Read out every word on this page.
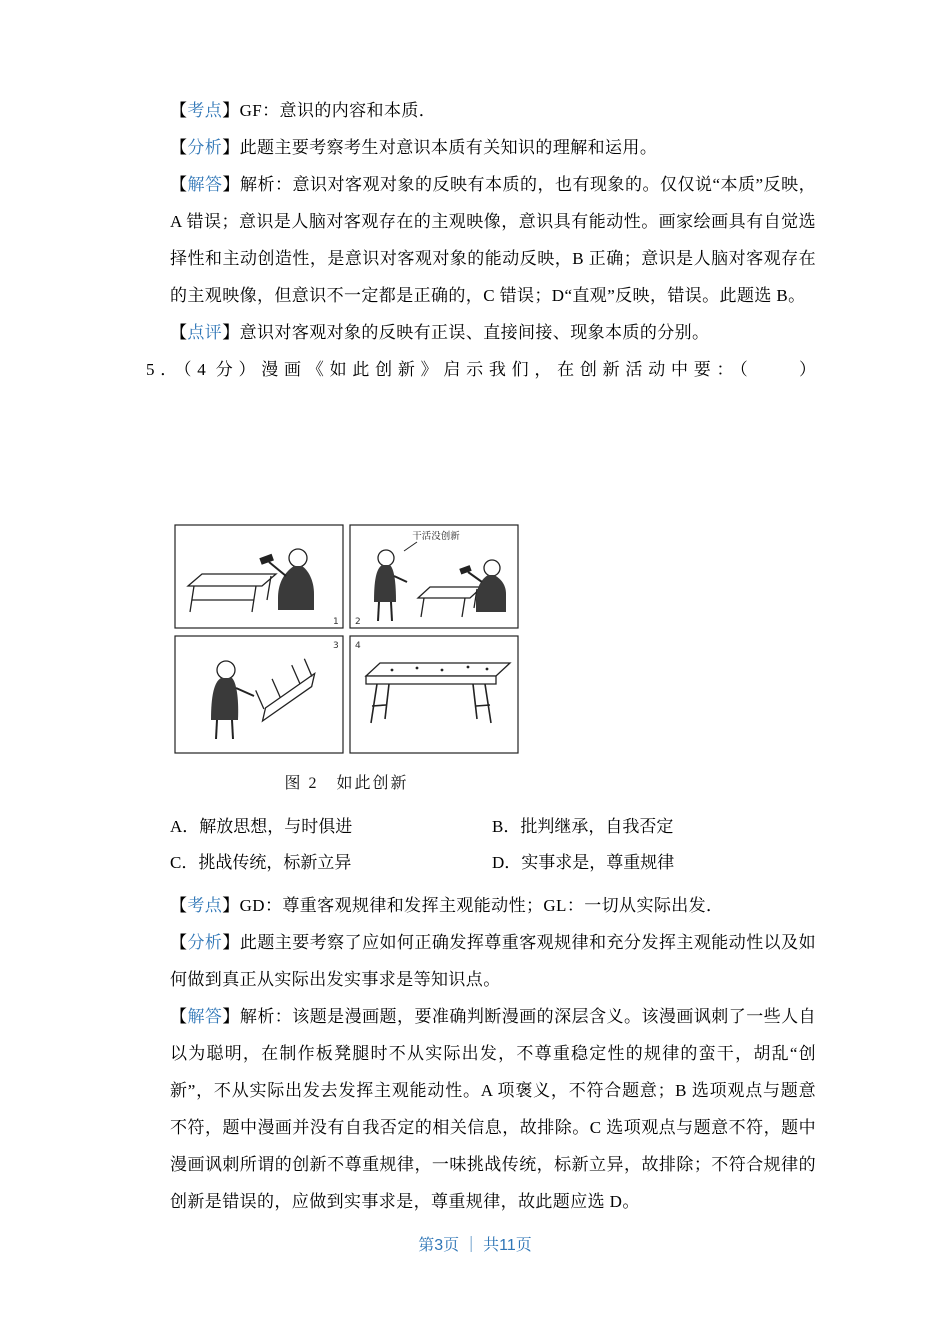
【考点】GF：意识的内容和本质．

【分析】此题主要考察考生对意识本质有关知识的理解和运用。

【解答】解析：意识对客观对象的反映有本质的，也有现象的。仅仅说“本质”反映，A 错误；意识是人脑对客观存在的主观映像，意识具有能动性。画家绘画具有自觉选择性和主动创造性，是意识对客观对象的能动反映，B 正确；意识是人脑对客观存在的主观映像，但意识不一定都是正确的，C 错误；D“直观”反映，错误。此题选 B。

【点评】意识对客观对象的反映有正误、直接间接、现象本质的分别。

5．（4 分）漫画《如此创新》启示我们，在创新活动中要：（　　）

1 2
3 4
干活没创新
图 2　如此创新
A．解放思想，与时俱进	B．批判继承，自我否定
C．挑战传统，标新立异	D．实事求是，尊重规律

【考点】GD：尊重客观规律和发挥主观能动性；GL：一切从实际出发．

【分析】此题主要考察了应如何正确发挥尊重客观规律和充分发挥主观能动性以及如何做到真正从实际出发实事求是等知识点。

【解答】解析：该题是漫画题，要准确判断漫画的深层含义。该漫画讽刺了一些人自以为聪明，在制作板凳腿时不从实际出发，不尊重稳定性的规律的蛮干，胡乱“创新”，不从实际出发去发挥主观能动性。A 项褒义，不符合题意；B 选项观点与题意不符，题中漫画并没有自我否定的相关信息，故排除。C 选项观点与题意不符，题中漫画讽刺所谓的创新不尊重规律，一味挑战传统，标新立异，故排除；不符合规律的创新是错误的，应做到实事求是，尊重规律，故此题应选 D。

第3页 ｜ 共11页
